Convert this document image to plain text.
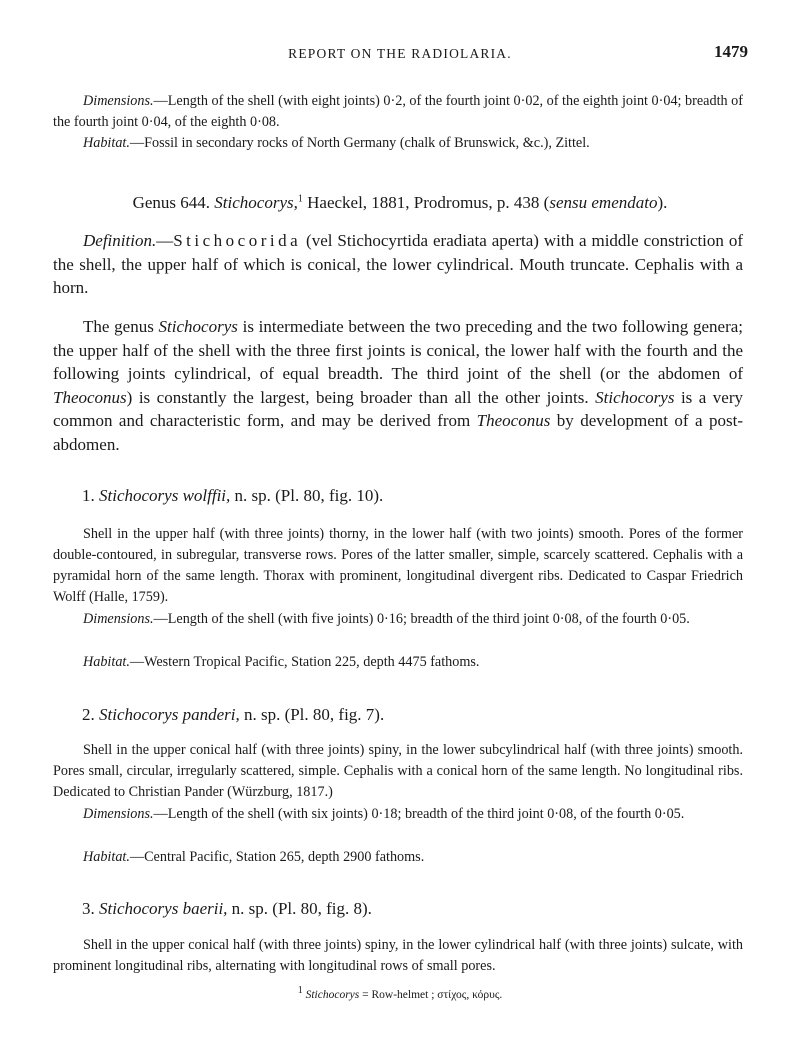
REPORT ON THE RADIOLARIA.	1479

Dimensions.—Length of the shell (with eight joints) 0·2, of the fourth joint 0·02, of the eighth joint 0·04; breadth of the fourth joint 0·04, of the eighth 0·08.

Habitat.—Fossil in secondary rocks of North Germany (chalk of Brunswick, &c.), Zittel.

Genus 644. Stichocorys,$^1$ Haeckel, 1881, Prodromus, p. 438 (sensu emendato).

Definition.—Stichocorida (vel Stichocyrtida eradiata aperta) with a middle constriction of the shell, the upper half of which is conical, the lower cylindrical. Mouth truncate. Cephalis with a horn.

The genus Stichocorys is intermediate between the two preceding and the two following genera; the upper half of the shell with the three first joints is conical, the lower half with the fourth and the following joints cylindrical, of equal breadth. The third joint of the shell (or the abdomen of Theoconus) is constantly the largest, being broader than all the other joints. Stichocorys is a very common and characteristic form, and may be derived from Theoconus by development of a post-abdomen.

1. Stichocorys wolffii, n. sp. (Pl. 80, fig. 10).

Shell in the upper half (with three joints) thorny, in the lower half (with two joints) smooth. Pores of the former double-contoured, in subregular, transverse rows. Pores of the latter smaller, simple, scarcely scattered. Cephalis with a pyramidal horn of the same length. Thorax with prominent, longitudinal divergent ribs. Dedicated to Caspar Friedrich Wolff (Halle, 1759).

Dimensions.—Length of the shell (with five joints) 0·16; breadth of the third joint 0·08, of the fourth 0·05.

Habitat.—Western Tropical Pacific, Station 225, depth 4475 fathoms.

2. Stichocorys panderi, n. sp. (Pl. 80, fig. 7).

Shell in the upper conical half (with three joints) spiny, in the lower subcylindrical half (with three joints) smooth. Pores small, circular, irregularly scattered, simple. Cephalis with a conical horn of the same length. No longitudinal ribs. Dedicated to Christian Pander (Würzburg, 1817.)

Dimensions.—Length of the shell (with six joints) 0·18; breadth of the third joint 0·08, of the fourth 0·05.

Habitat.—Central Pacific, Station 265, depth 2900 fathoms.

3. Stichocorys baerii, n. sp. (Pl. 80, fig. 8).

Shell in the upper conical half (with three joints) spiny, in the lower cylindrical half (with three joints) sulcate, with prominent longitudinal ribs, alternating with longitudinal rows of small pores.

$^1$ Stichocorys = Row-helmet ; στίχος, κόρυς.
